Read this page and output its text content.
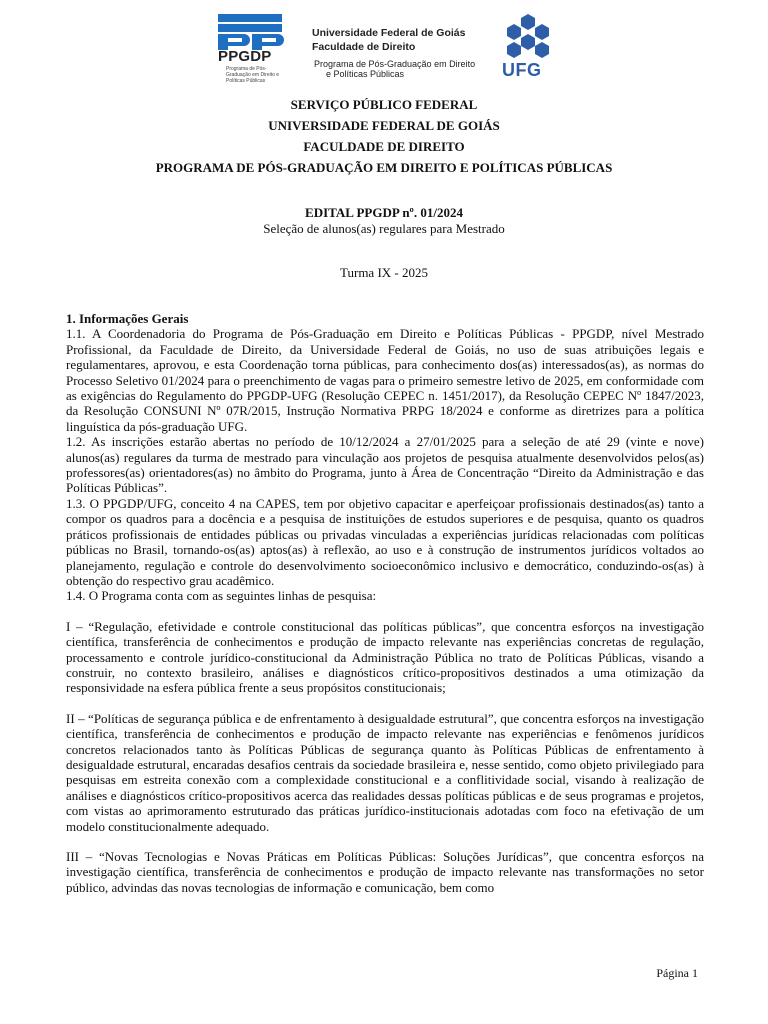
PPGDP
Programa de Pós-Graduação em Direito e Políticas Públicas
Universidade Federal de Goiás
Faculdade de Direito
Programa de Pós-Graduação em Direito
e Políticas Públicas	UFG
SERVIÇO PÚBLICO FEDERAL
UNIVERSIDADE FEDERAL DE GOIÁS
FACULDADE DE DIREITO
PROGRAMA DE PÓS-GRADUAÇÃO EM DIREITO E POLÍTICAS PÚBLICAS
EDITAL PPGDP nº. 01/2024
Seleção de alunos(as) regulares para Mestrado
Turma IX - 2025

1. Informações Gerais

1.1. A Coordenadoria do Programa de Pós-Graduação em Direito e Políticas Públicas - PPGDP, nível Mestrado Profissional, da Faculdade de Direito, da Universidade Federal de Goiás, no uso de suas atribuições legais e regulamentares, aprovou, e esta Coordenação torna públicas, para conhecimento dos(as) interessados(as), as normas do Processo Seletivo 01/2024 para o preenchimento de vagas para o primeiro semestre letivo de 2025, em conformidade com as exigências do Regulamento do PPGDP-UFG (Resolução CEPEC n. 1451/2017), da Resolução CEPEC Nº 1847/2023, da Resolução CONSUNI Nº 07R/2015, Instrução Normativa PRPG 18/2024 e conforme as diretrizes para a política linguística da pós-graduação UFG.

1.2. As inscrições estarão abertas no período de 10/12/2024 a 27/01/2025 para a seleção de até 29 (vinte e nove) alunos(as) regulares da turma de mestrado para vinculação aos projetos de pesquisa atualmente desenvolvidos pelos(as) professores(as) orientadores(as) no âmbito do Programa, junto à Área de Concentração “Direito da Administração e das Políticas Públicas”.

1.3. O PPGDP/UFG, conceito 4 na CAPES, tem por objetivo capacitar e aperfeiçoar profissionais destinados(as) tanto a compor os quadros para a docência e a pesquisa de instituições de estudos superiores e de pesquisa, quanto os quadros práticos profissionais de entidades públicas ou privadas vinculadas a experiências jurídicas relacionadas com políticas públicas no Brasil, tornando-os(as) aptos(as) à reflexão, ao uso e à construção de instrumentos jurídicos voltados ao planejamento, regulação e controle do desenvolvimento socioeconômico inclusivo e democrático, conduzindo-os(as) à obtenção do respectivo grau acadêmico.

1.4. O Programa conta com as seguintes linhas de pesquisa:

I – “Regulação, efetividade e controle constitucional das políticas públicas”, que concentra esforços na investigação científica, transferência de conhecimentos e produção de impacto relevante nas experiências concretas de regulação, processamento e controle jurídico-constitucional da Administração Pública no trato de Políticas Públicas, visando a construir, no contexto brasileiro, análises e diagnósticos crítico-propositivos destinados a uma otimização da responsividade na esfera pública frente a seus propósitos constitucionais;

II – “Políticas de segurança pública e de enfrentamento à desigualdade estrutural”, que concentra esforços na investigação científica, transferência de conhecimentos e produção de impacto relevante nas experiências e fenômenos jurídicos concretos relacionados tanto às Políticas Públicas de segurança quanto às Políticas Públicas de enfrentamento à desigualdade estrutural, encaradas desafios centrais da sociedade brasileira e, nesse sentido, como objeto privilegiado para pesquisas em estreita conexão com a complexidade constitucional e a conflitividade social, visando à realização de análises e diagnósticos crítico-propositivos acerca das realidades dessas políticas públicas e de seus programas e projetos, com vistas ao aprimoramento estruturado das práticas jurídico-institucionais adotadas com foco na efetivação de um modelo constitucionalmente adequado.

III – “Novas Tecnologias e Novas Práticas em Políticas Públicas: Soluções Jurídicas”, que concentra esforços na investigação científica, transferência de conhecimentos e produção de impacto relevante nas transformações no setor público, advindas das novas tecnologias de informação e comunicação, bem como

Página 1
